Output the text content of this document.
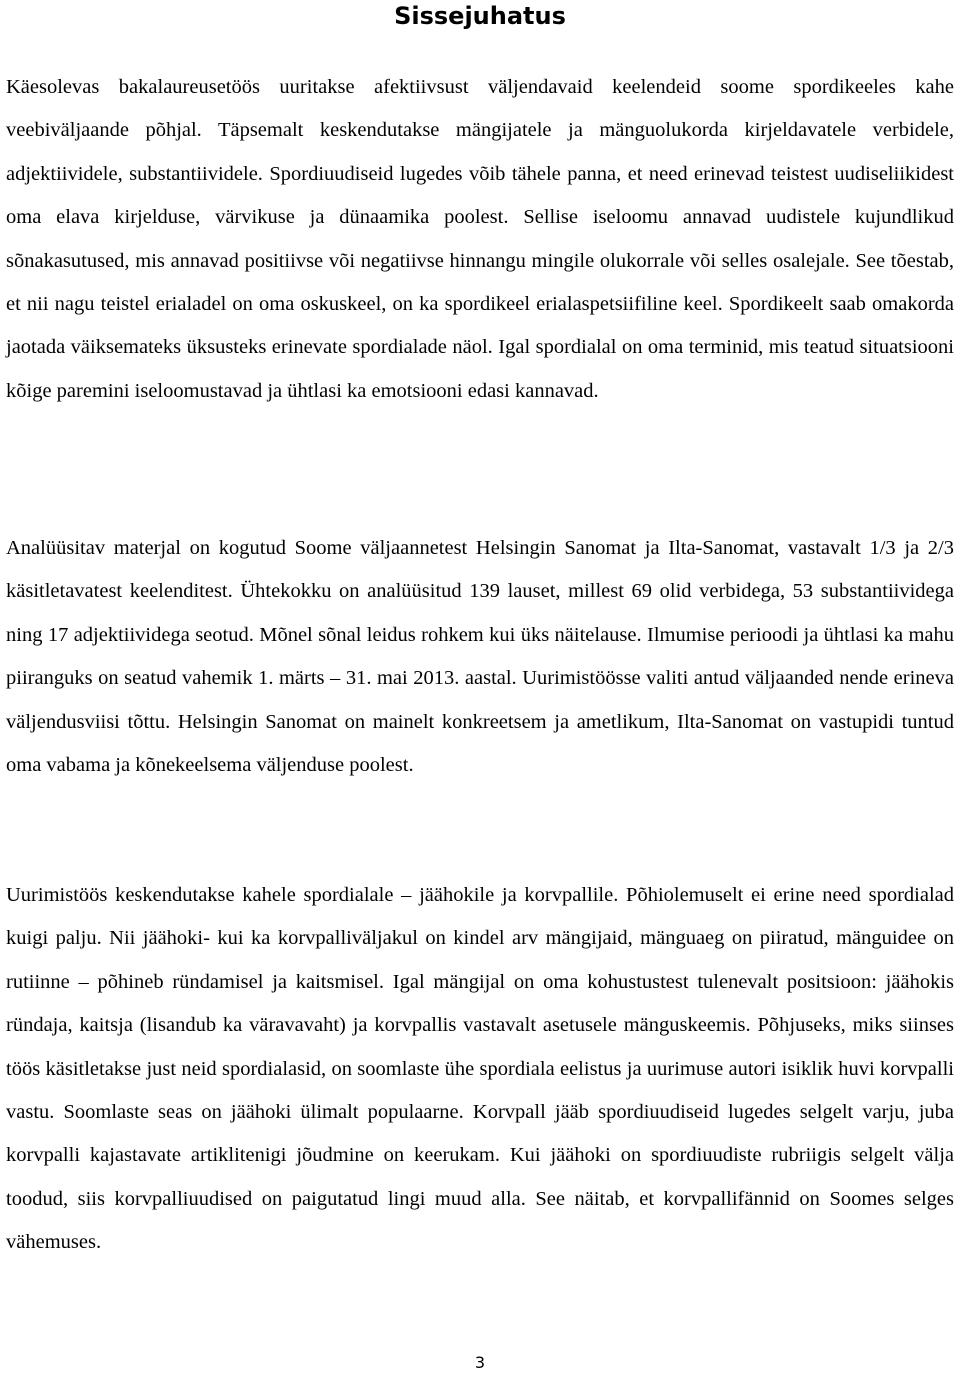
Sissejuhatus

Käesolevas bakalaureusetöös uuritakse afektiivsust väljendavaid keelendeid soome spordikeeles kahe veebiväljaande põhjal. Täpsemalt keskendutakse mängijatele ja mänguolukorda kirjeldavatele verbidele, adjektiividele, substantiividele. Spordiuudiseid lugedes võib tähele panna, et need erinevad teistest uudiseliikidest oma elava kirjelduse, värvikuse ja dünaamika poolest. Sellise iseloomu annavad uudistele kujundlikud sõnakasutused, mis annavad positiivse või negatiivse hinnangu mingile olukorrale või selles osalejale. See tõestab, et nii nagu teistel erialadel on oma oskuskeel, on ka spordikeel erialaspetsiifiline keel. Spordikeelt saab omakorda jaotada väiksemateks üksusteks erinevate spordialade näol. Igal spordialal on oma terminid, mis teatud situatsiooni kõige paremini iseloomustavad ja ühtlasi ka emotsiooni edasi kannavad.

Analüüsitav materjal on kogutud Soome väljaannetest Helsingin Sanomat ja Ilta-Sanomat, vastavalt 1/3 ja 2/3 käsitletavatest keelenditest. Ühtekokku on analüüsitud 139 lauset, millest 69 olid verbidega, 53 substantiividega ning 17 adjektiividega seotud. Mõnel sõnal leidus rohkem kui üks näitelause. Ilmumise perioodi ja ühtlasi ka mahu piiranguks on seatud vahemik 1. märts – 31. mai 2013. aastal. Uurimistöösse valiti antud väljaanded nende erineva väljendusviisi tõttu. Helsingin Sanomat on mainelt konkreetsem ja ametlikum, Ilta-Sanomat on vastupidi tuntud oma vabama ja kõnekeelsema väljenduse poolest.

Uurimistöös keskendutakse kahele spordialale – jäähokile ja korvpallile. Põhiolemuselt ei erine need spordialad kuigi palju. Nii jäähoki- kui ka korvpalliväljakul on kindel arv mängijaid, mänguaeg on piiratud, mänguidee on rutiinne – põhineb ründamisel ja kaitsmisel. Igal mängijal on oma kohustustest tulenevalt positsioon: jäähokis ründaja, kaitsja (lisandub ka väravavaht) ja korvpallis vastavalt asetusele mänguskeemis. Põhjuseks, miks siinses töös käsitletakse just neid spordialasid, on soomlaste ühe spordiala eelistus ja uurimuse autori isiklik huvi korvpalli vastu. Soomlaste seas on jäähoki ülimalt populaarne. Korvpall jääb spordiuudiseid lugedes selgelt varju, juba korvpalli kajastavate artiklitenigi jõudmine on keerukam. Kui jäähoki on spordiuudiste rubriigis selgelt välja toodud, siis korvpalliuudised on paigutatud lingi muud alla. See näitab, et korvpallifännid on Soomes selges vähemuses.

3
